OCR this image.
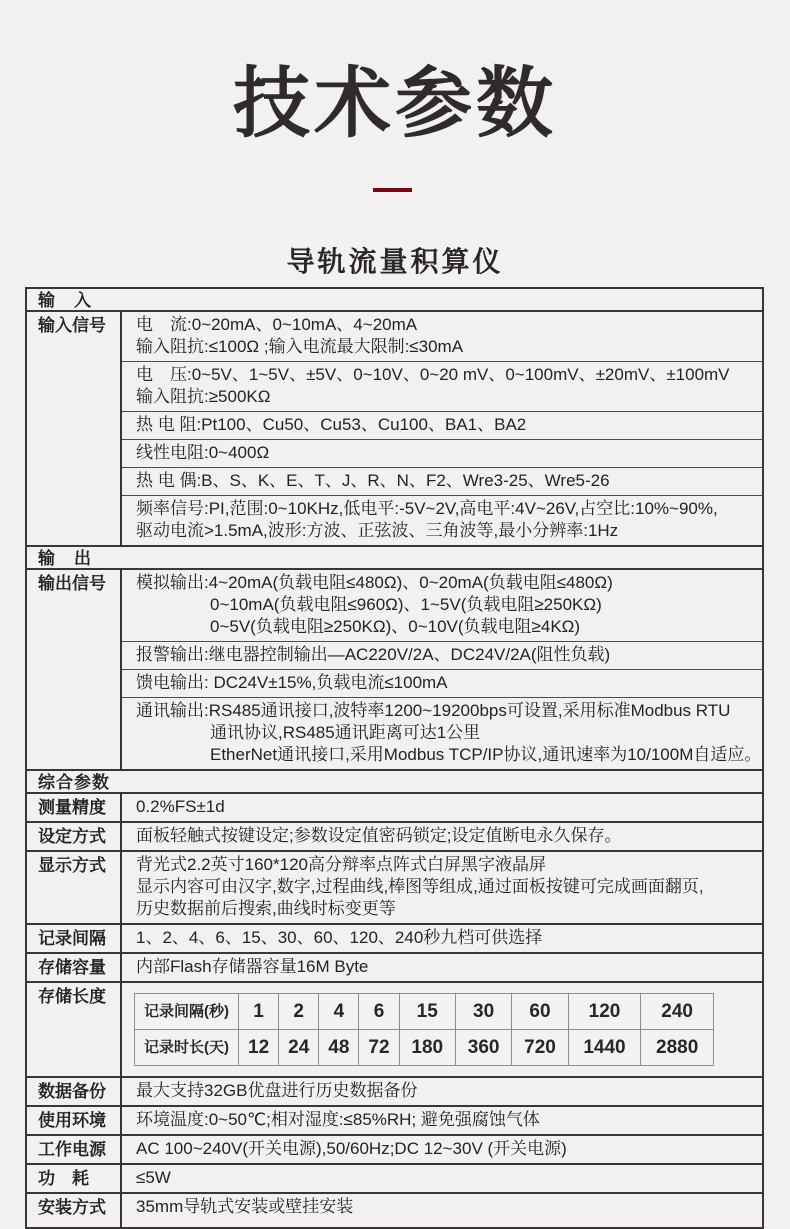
技术参数
导轨流量积算仪
输　入
输入信号	电　流:0~20mA、0~10mA、4~20mA
输入阻抗:≤100Ω ;输入电流最大限制:≤30mA
电　压:0~5V、1~5V、±5V、0~10V、0~20 mV、0~100mV、±20mV、±100mV
输入阻抗:≥500KΩ
热 电 阻:Pt100、Cu50、Cu53、Cu100、BA1、BA2
线性电阻:0~400Ω
热 电 偶:B、S、K、E、T、J、R、N、F2、Wre3-25、Wre5-26
频率信号:PI,范围:0~10KHz,低电平:-5V~2V,高电平:4V~26V,占空比:10%~90%,
驱动电流>1.5mA,波形:方波、正弦波、三角波等,最小分辨率:1Hz
输　出
输出信号	模拟输出:4~20mA(负载电阻≤480Ω)、0~20mA(负载电阻≤480Ω)
0~10mA(负载电阻≤960Ω)、1~5V(负载电阻≥250KΩ)
0~5V(负载电阻≥250KΩ)、0~10V(负载电阻≥4KΩ)
报警输出:继电器控制输出—AC220V/2A、DC24V/2A(阻性负载)
馈电输出: DC24V±15%,负载电流≤100mA
通讯输出:RS485通讯接口,波特率1200~19200bps可设置,采用标准Modbus RTU
通讯协议,RS485通讯距离可达1公里
EtherNet通讯接口,采用Modbus TCP/IP协议,通讯速率为10/100M自适应。
综合参数
测量精度	0.2%FS±1d
设定方式	面板轻触式按键设定;参数设定值密码锁定;设定值断电永久保存。
显示方式	背光式2.2英寸160*120高分辩率点阵式白屏黑字液晶屏
显示内容可由汉字,数字,过程曲线,棒图等组成,通过面板按键可完成画面翻页,
历史数据前后搜索,曲线时标变更等
记录间隔	1、2、4、6、15、30、60、120、240秒九档可供选择
存储容量	内部Flash存储器容量16M Byte
存储长度
记录间隔(秒)	1	2	4	6	15	30	60	120	240
记录时长(天)	12	24	48	72	180	360	720	1440	2880
数据备份	最大支持32GB优盘进行历史数据备份
使用环境	环境温度:0~50℃;相对湿度:≤85%RH; 避免强腐蚀气体
工作电源	AC 100~240V(开关电源),50/60Hz;DC 12~30V (开关电源)
功　耗	≤5W
安装方式	35mm导轨式安装或壁挂安装
